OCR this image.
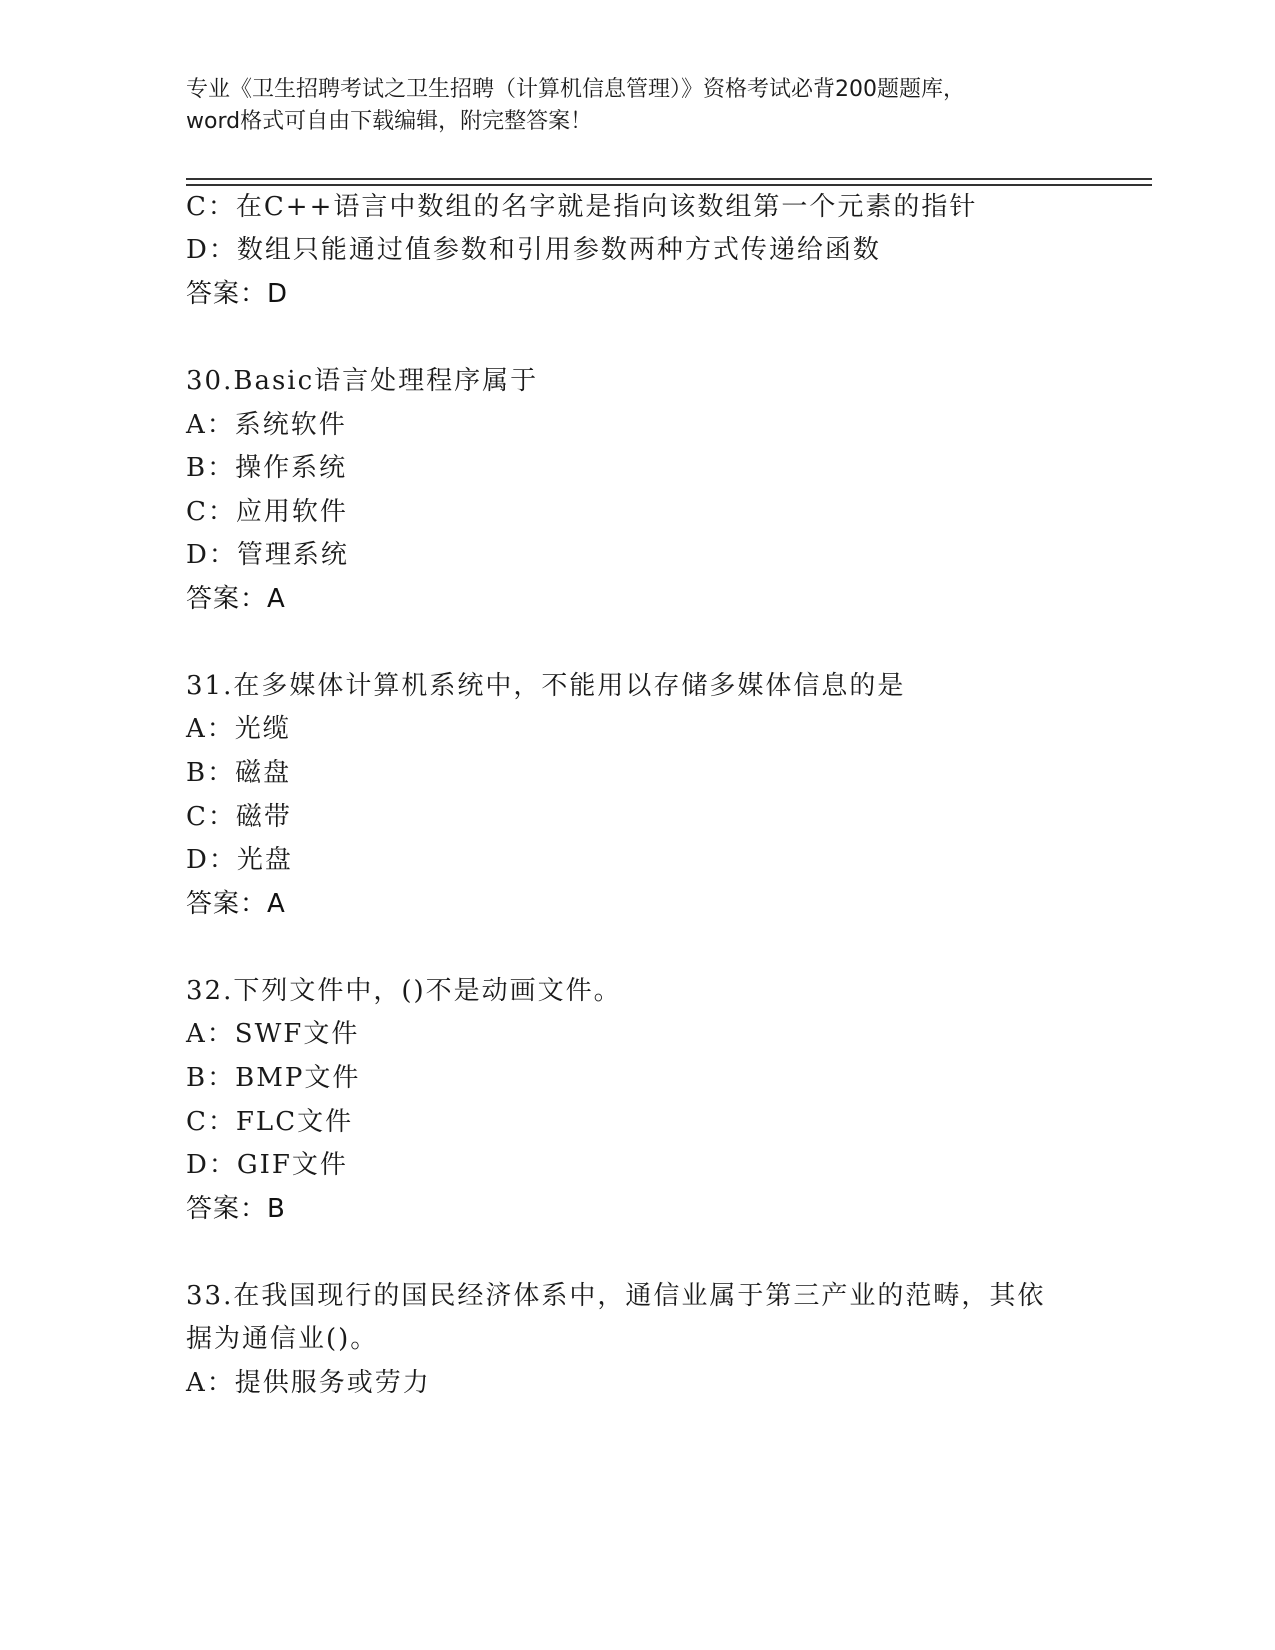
专业《卫生招聘考试之卫生招聘（计算机信息管理）》资格考试必背200题题库，
word格式可自由下载编辑，附完整答案！
C：在C++语言中数组的名字就是指向该数组第一个元素的指针
D：数组只能通过值参数和引用参数两种方式传递给函数
答案：D
30.Basic语言处理程序属于
A：系统软件
B：操作系统
C：应用软件
D：管理系统
答案：A
31.在多媒体计算机系统中，不能用以存储多媒体信息的是
A：光缆
B：磁盘
C：磁带
D：光盘
答案：A
32.下列文件中，()不是动画文件。
A：SWF文件
B：BMP文件
C：FLC文件
D：GIF文件
答案：B
33.在我国现行的国民经济体系中，通信业属于第三产业的范畴，其依
据为通信业()。
A：提供服务或劳力
